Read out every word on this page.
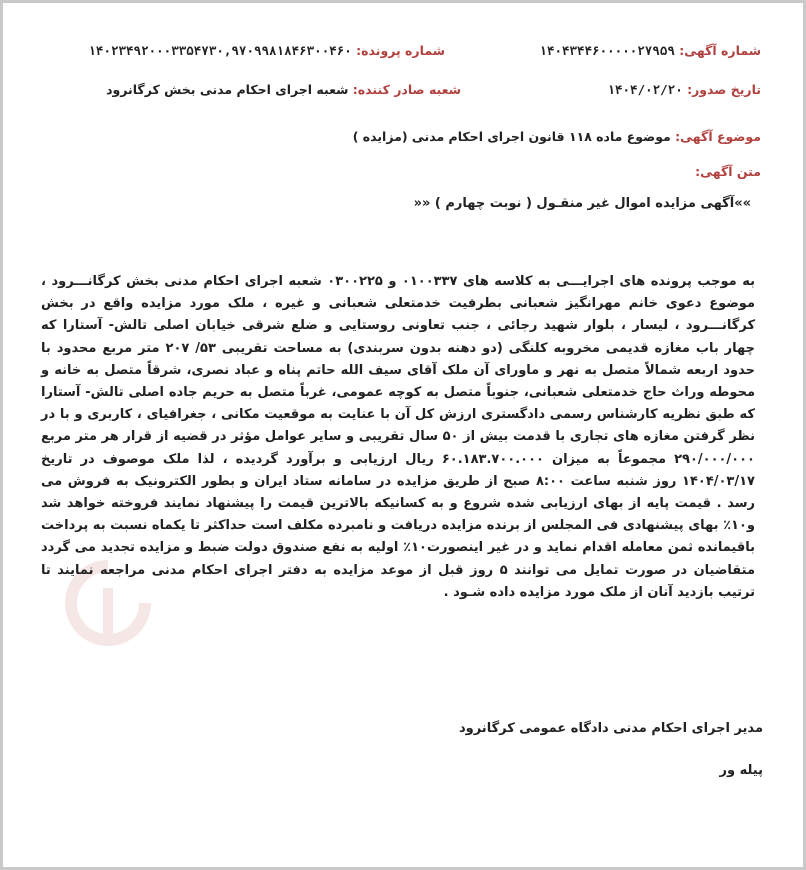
شماره آگهی: ۱۴۰۴۳۴۴۶۰۰۰۰۰۲۷۹۵۹
شماره پرونده: ۱۴۰۲۳۴۹۲۰۰۰۳۳۵۴۷۳۰,۹۷۰۹۹۸۱۸۴۶۳۰۰۴۶۰
تاریخ صدور: ۱۴۰۴/۰۲/۲۰
شعبه صادر کننده: شعبه اجرای احکام مدنی بخش کرگانرود
موضوع آگهی: موضوع ماده ۱۱۸ قانون اجرای احکام مدنی (مزایده )
متن آگهی:
»»آگهی مزایده اموال غیر منقـول ( نوبت چهارم ) ««

به موجب پرونده های اجرایـــی به کلاسه های ۰۱۰۰۳۳۷ و ۰۳۰۰۲۲۵ شعبه اجرای احکام مدنی بخش کرگانـــرود ، موضوع دعوی خانم مهرانگیز شعبانی بطرفیت خدمتعلی شعبانی و غیره ، ملک مورد مزایده واقع در بخش کرگانـــرود ، لیسار ، بلوار شهید رجائی ، جنب تعاونی روستایی و ضلع شرقی خیابان اصلی تالش- آستارا که چهار باب مغازه قدیمی مخروبه کلنگی (دو دهنه بدون سربندی) به مساحت تقریبی ۵۳/ ۲۰۷ متر مربع محدود با حدود اربعه شمالاً متصل به نهر و ماورای آن ملک آقای سیف الله حاتم پناه و عباد نصری، شرقاً متصل به خانه و محوطه وراث حاج خدمتعلی شعبانی، جنوباً متصل به کوچه عمومی، غرباً متصل به حریم جاده اصلی تالش- آستارا که طبق نظریه کارشناس رسمی دادگستری ارزش کل آن با عنایت به موقعیت مکانی ، جغرافیای ، کاربری و با در نظر گرفتن مغازه های تجاری با قدمت بیش از ۵۰ سال تقریبی و سایر عوامل مؤثر در قضیه از قرار هر متر مربع ۲۹۰/۰۰۰/۰۰۰ مجموعاً به میزان ۶۰.۱۸۳.۷۰۰.۰۰۰ ریال ارزیابی و برآورد گردیده ، لذا ملک موصوف در تاریخ ۱۴۰۴/۰۳/۱۷ روز شنبه ساعت ۸:۰۰ صبح از طریق مزایده در سامانه ستاد ایران و بطور الکترونیک به فروش می رسد . قیمت پایه از بهای ارزیابی شده شروع و به کسانیکه بالاترین قیمت را پیشنهاد نمایند فروخته خواهد شد و۱۰٪ بهای پیشنهادی فی المجلس از برنده مزایده دریافت و نامبرده مکلف است حداکثر تا یکماه نسبت به پرداخت باقیمانده ثمن معامله اقدام نماید و در غیر اینصورت۱۰٪ اولیه به نفع صندوق دولت ضبط و مزایده تجدید می گردد متقاضیان در صورت تمایل می توانند ۵ روز قبل از موعد مزایده به دفتر اجرای احکام مدنی مراجعه نمایند تا ترتیب بازدید آنان از ملک مورد مزایده داده شـود .

مدیر اجرای احکام مدنی دادگاه عمومی کرگانرود
پیله ور
